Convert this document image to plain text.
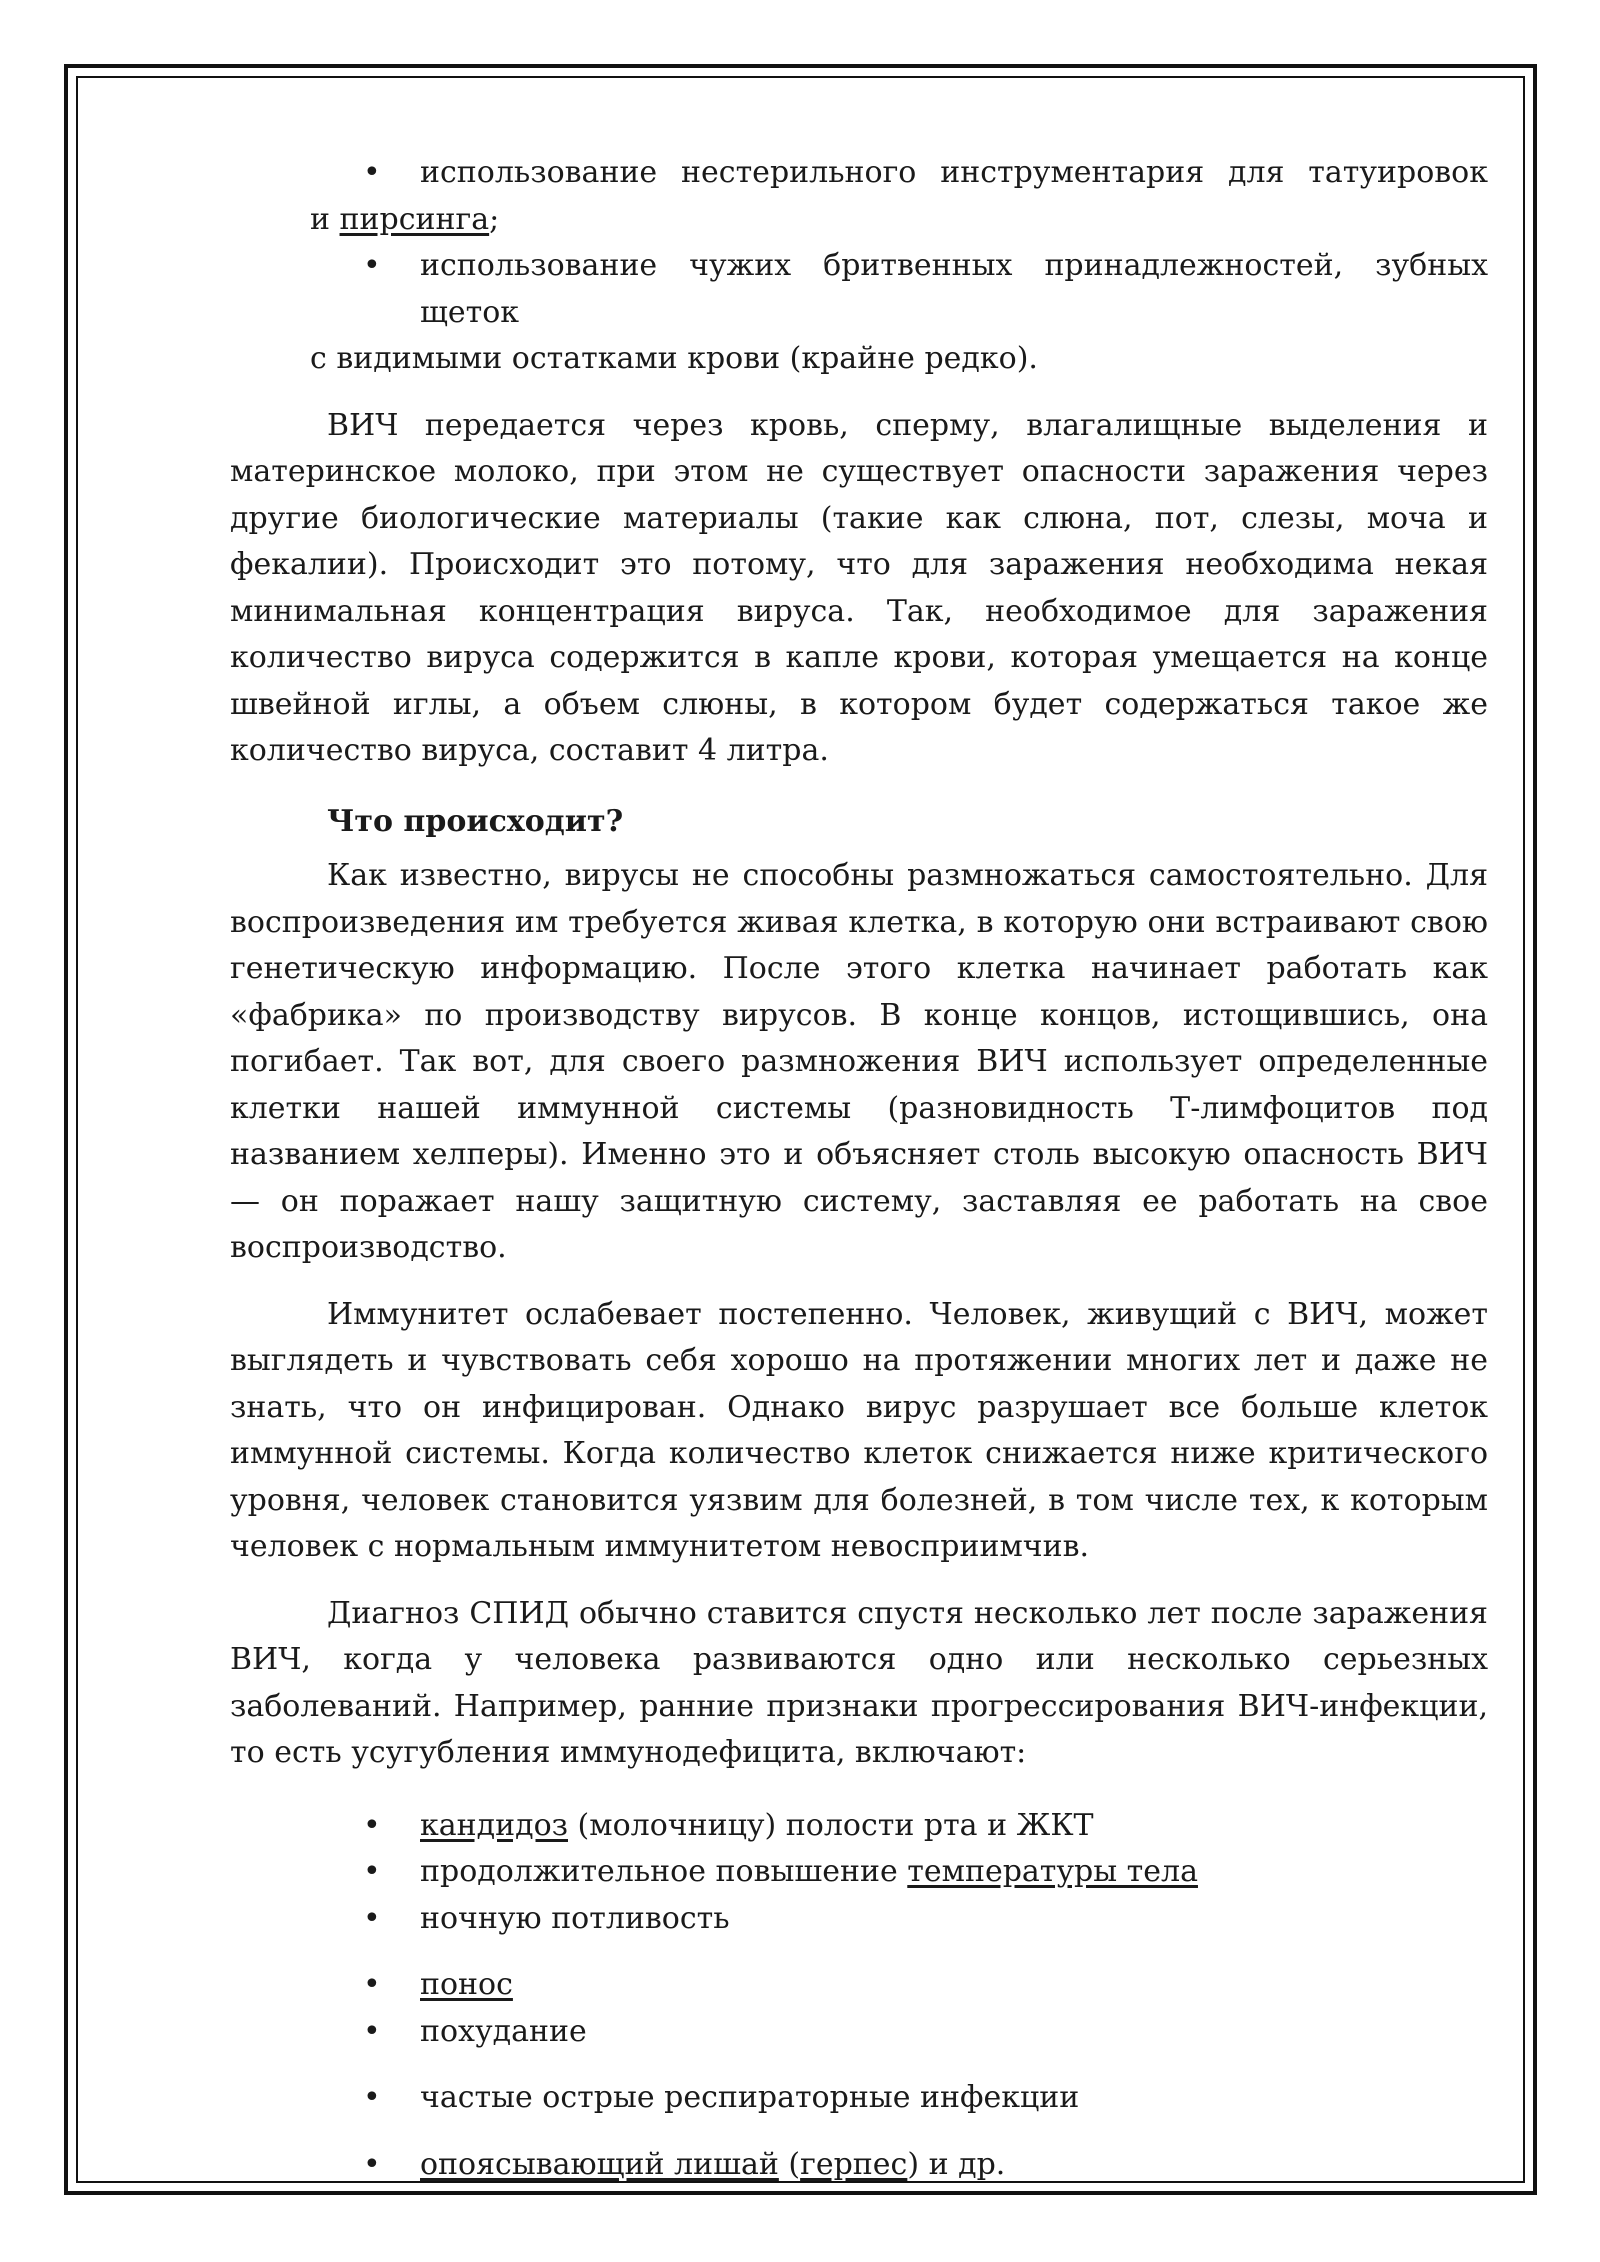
•	использование нестерильного инструментария для татуировок
и пирсинга;
•	использование чужих бритвенных принадлежностей, зубных щеток
с видимыми остатками крови (крайне редко).

ВИЧ передается через кровь, сперму, влагалищные выделения и материнское молоко, при этом не существует опасности заражения через другие биологические материалы (такие как слюна, пот, слезы, моча и фекалии). Происходит это потому, что для заражения необходима некая минимальная концентрация вируса. Так, необходимое для заражения количество вируса содержится в капле крови, которая умещается на конце швейной иглы, а объем слюны, в котором будет содержаться такое же количество вируса, составит 4 литра.

Что происходит?

Как известно, вирусы не способны размножаться самостоятельно. Для воспроизведения им требуется живая клетка, в которую они встраивают свою генетическую информацию. После этого клетка начинает работать как «фабрика» по производству вирусов. В конце концов, истощившись, она погибает. Так вот, для своего размножения ВИЧ использует определенные клетки нашей иммунной системы (разновидность Т-лимфоцитов под названием хелперы). Именно это и объясняет столь высокую опасность ВИЧ — он поражает нашу защитную систему, заставляя ее работать на свое воспроизводство.

Иммунитет ослабевает постепенно. Человек, живущий с ВИЧ, может выглядеть и чувствовать себя хорошо на протяжении многих лет и даже не знать, что он инфицирован. Однако вирус разрушает все больше клеток иммунной системы. Когда количество клеток снижается ниже критического уровня, человек становится уязвим для болезней, в том числе тех, к которым человек с нормальным иммунитетом невосприимчив.

Диагноз СПИД обычно ставится спустя несколько лет после заражения ВИЧ, когда у человека развиваются одно или несколько серьезных заболеваний. Например, ранние признаки прогрессирования ВИЧ-инфекции, то есть усугубления иммунодефицита, включают:

• кандидоз (молочницу) полости рта и ЖКТ
• продолжительное повышение температуры тела
• ночную потливость
• понос
• похудание
• частые острые респираторные инфекции
• опоясывающий лишай (герпес) и др.
